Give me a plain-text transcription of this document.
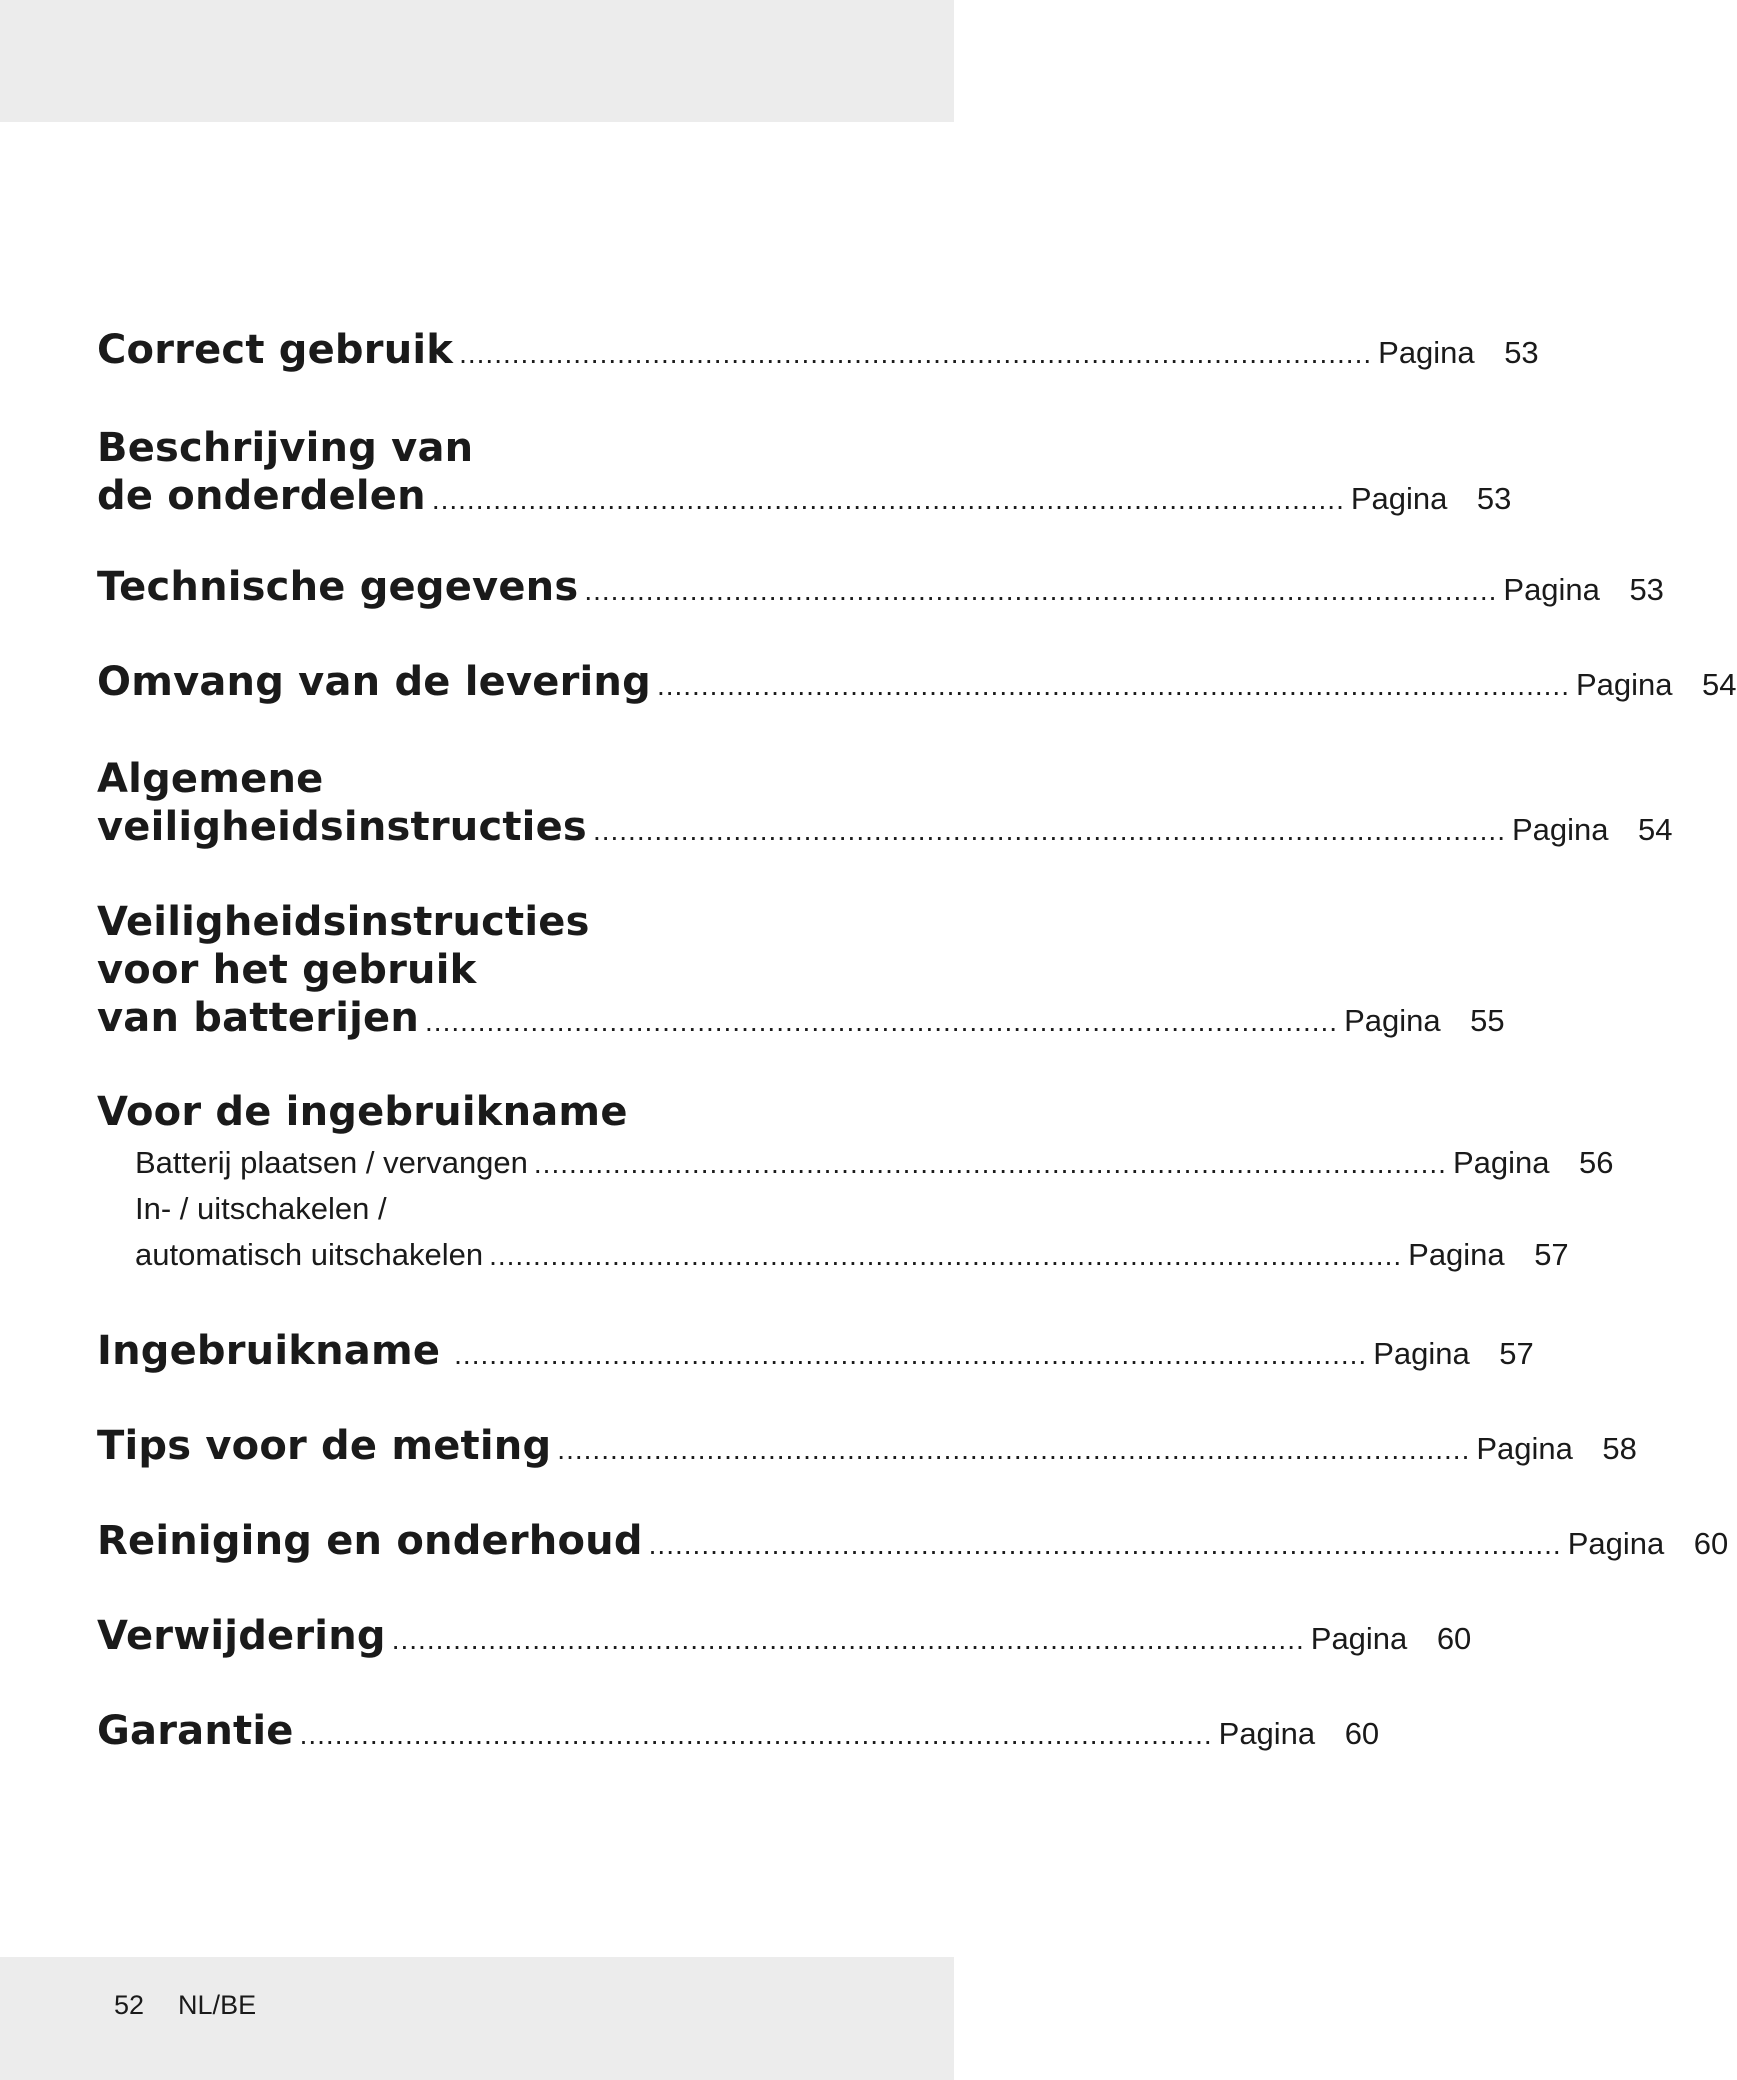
Correct gebruik ........................................................................................................ Pagina 53
Beschrijving van
de onderdelen ........................................................................................................ Pagina 53
Technische gegevens ........................................................................................................ Pagina 53
Omvang van de levering ........................................................................................................ Pagina 54
Algemene
veiligheidsinstructies ........................................................................................................ Pagina 54
Veiligheidsinstructies
voor het gebruik
van batterijen ........................................................................................................ Pagina 55
Voor de ingebruikname
Batterij plaatsen / vervangen ........................................................................................................ Pagina 56
In- / uitschakelen /
automatisch uitschakelen ........................................................................................................ Pagina 57
Ingebruikname ........................................................................................................ Pagina 57
Tips voor de meting ........................................................................................................ Pagina 58
Reiniging en onderhoud ........................................................................................................ Pagina 60
Verwijdering ........................................................................................................ Pagina 60
Garantie ........................................................................................................ Pagina 60
52 NL/BE
